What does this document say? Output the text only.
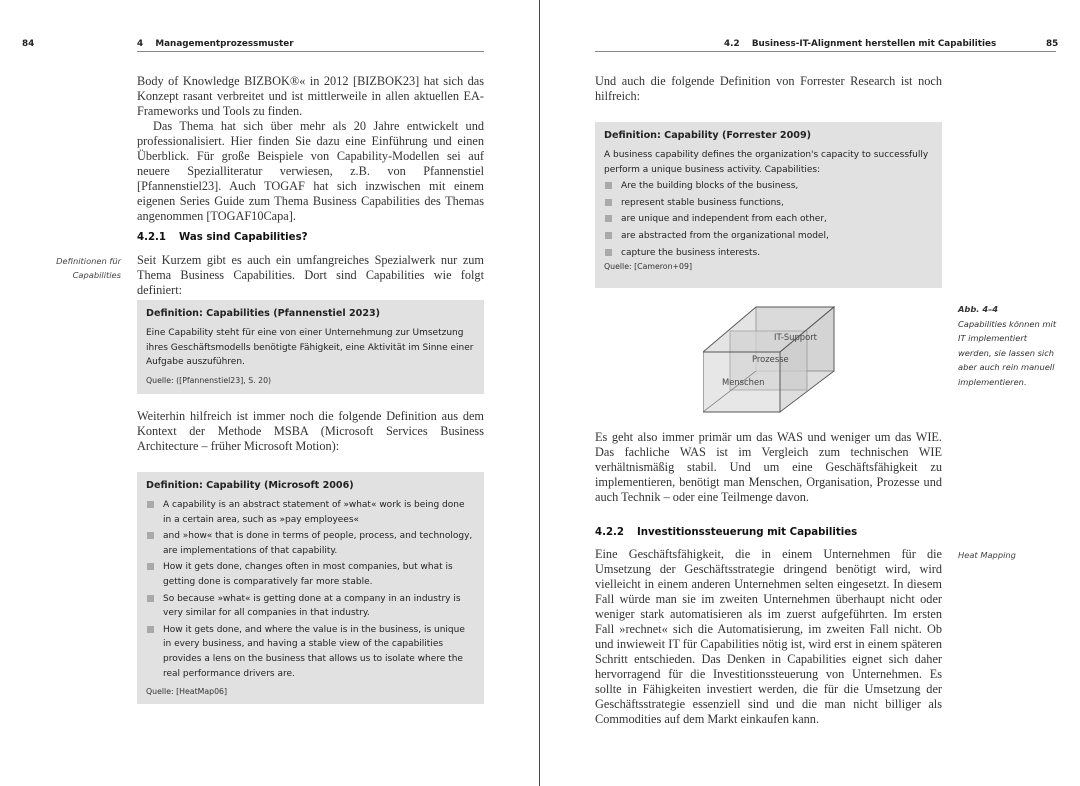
84	4    Managementprozessmuster

Body of Knowledge BIZBOK®« in 2012 [BIZBOK23] hat sich das Konzept rasant verbreitet und ist mittlerweile in allen aktuellen EA-Frameworks und Tools zu finden.

Das Thema hat sich über mehr als 20 Jahre entwickelt und professionalisiert. Hier finden Sie dazu eine Einführung und einen Überblick. Für große Beispiele von Capability-Modellen sei auf neuere Spezialliteratur verwiesen, z.B. von Pfannenstiel [Pfannenstiel23]. Auch TOGAF hat sich inzwischen mit einem eigenen Series Guide zum Thema Business Capabilities des Themas angenommen [TOGAF10Capa].

4.2.1 Was sind Capabilities?
Definitionen für
Capabilities
Seit Kurzem gibt es auch ein umfangreiches Spezialwerk nur zum Thema Business Capabilities. Dort sind Capabilities wie folgt definiert:
Definition: Capabilities (Pfannenstiel 2023)
Eine Capability steht für eine von einer Unternehmung zur Umsetzung ihres Geschäftsmodells benötigte Fähigkeit, eine Aktivität im Sinne einer Aufgabe auszuführen.
Quelle: ([Pfannenstiel23], S. 20)
Weiterhin hilfreich ist immer noch die folgende Definition aus dem Kontext der Methode MSBA (Microsoft Services Business Architecture – früher Microsoft Motion):
Definition: Capability (Microsoft 2006)
A capability is an abstract statement of »what« work is being done in a certain area, such as »pay employees«
and »how« that is done in terms of people, process, and technology, are implementations of that capability.
How it gets done, changes often in most companies, but what is getting done is comparatively far more stable.
So because »what« is getting done at a company in an industry is very similar for all companies in that industry.
How it gets done, and where the value is in the business, is unique in every business, and having a stable view of the capabilities provides a lens on the business that allows us to isolate where the real performance drivers are.
Quelle: [HeatMap06]
4.2    Business-IT-Alignment herstellen mit Capabilities	85
Und auch die folgende Definition von Forrester Research ist noch hilfreich:
Definition: Capability (Forrester 2009)
A business capability defines the organization's capacity to successfully perform a unique business activity. Capabilities:
Are the building blocks of the business,
represent stable business functions,
are unique and independent from each other,
are abstracted from the organizational model,
capture the business interests.
Quelle: [Cameron+09]
IT-Support
Prozesse
Menschen
Abb. 4–4
Capabilities können mit IT implementiert werden, sie lassen sich aber auch rein manuell implementieren.
Es geht also immer primär um das WAS und weniger um das WIE. Das fachliche WAS ist im Vergleich zum technischen WIE verhältnismäßig stabil. Und um eine Geschäftsfähigkeit zu implementieren, benötigt man Menschen, Organisation, Prozesse und auch Technik – oder eine Teilmenge davon.
4.2.2 Investitionssteuerung mit Capabilities
Heat Mapping
Eine Geschäftsfähigkeit, die in einem Unternehmen für die Umsetzung der Geschäftsstrategie dringend benötigt wird, wird vielleicht in einem anderen Unternehmen selten eingesetzt. In diesem Fall würde man sie im zweiten Unternehmen überhaupt nicht oder weniger stark automatisieren als im zuerst aufgeführten. Im ersten Fall »rechnet« sich die Automatisierung, im zweiten Fall nicht. Ob und inwieweit IT für Capabilities nötig ist, wird erst in einem späteren Schritt entschieden. Das Denken in Capabilities eignet sich daher hervorragend für die Investitionssteuerung von Unternehmen. Es sollte in Fähigkeiten investiert werden, die für die Umsetzung der Geschäftsstrategie essenziell sind und die man nicht billiger als Commodities auf dem Markt einkaufen kann.
